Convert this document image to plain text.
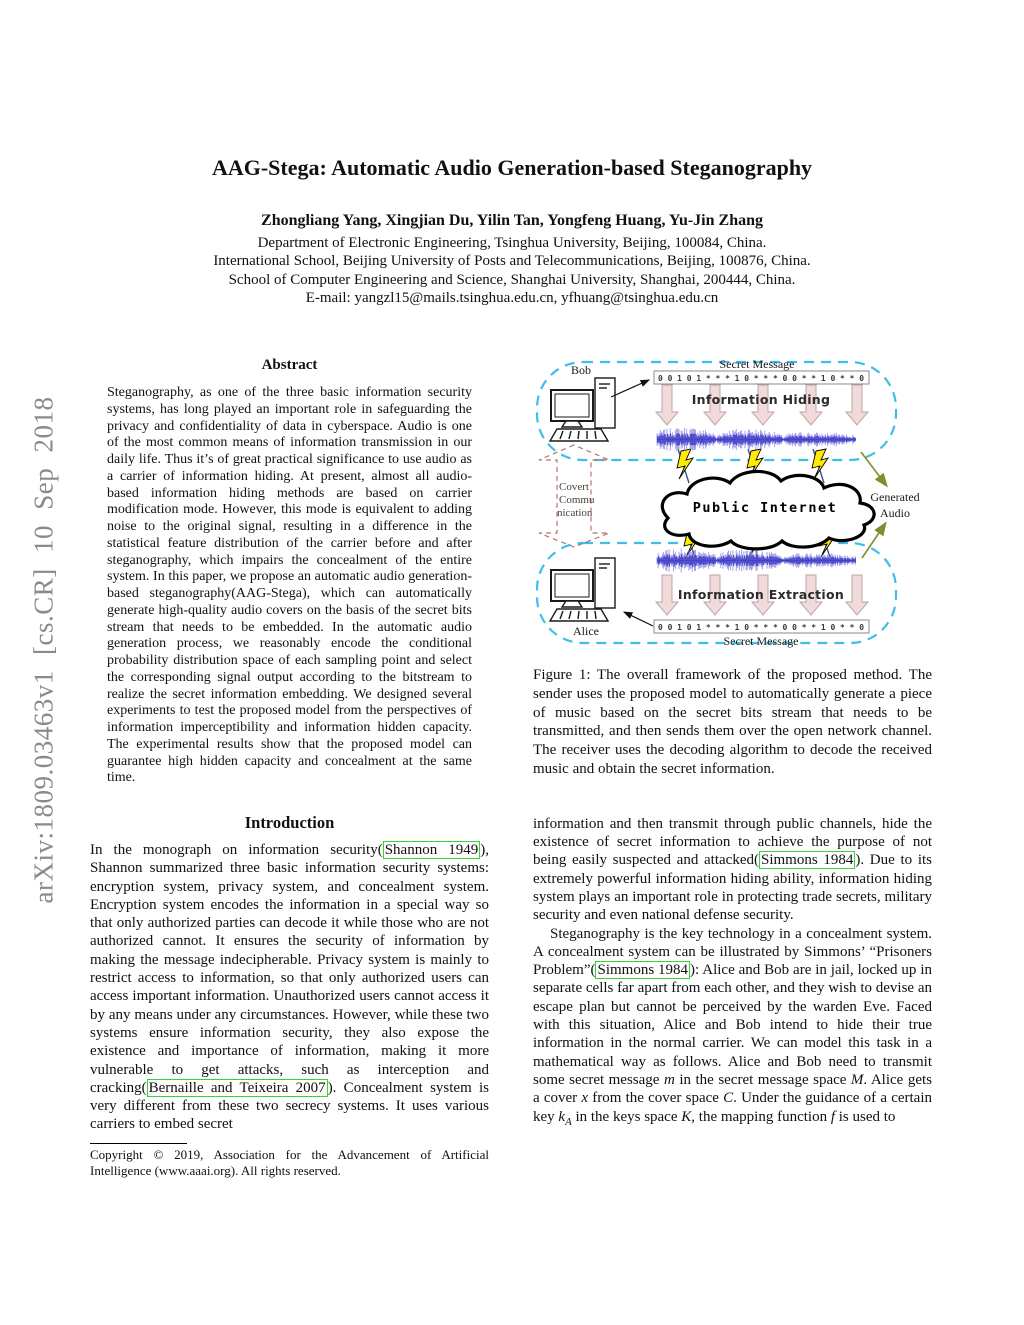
arXiv:1809.03463v1 [cs.CR] 10 Sep 2018
AAG-Stega: Automatic Audio Generation-based Steganography
Zhongliang Yang, Xingjian Du, Yilin Tan, Yongfeng Huang, Yu-Jin Zhang
Department of Electronic Engineering, Tsinghua University, Beijing, 100084, China.
International School, Beijing University of Posts and Telecommunications, Beijing, 100876, China.
School of Computer Engineering and Science, Shanghai University, Shanghai, 200444, China.
E-mail: yangzl15@mails.tsinghua.edu.cn, yfhuang@tsinghua.edu.cn
Abstract

Steganography, as one of the three basic information security systems, has long played an important role in safeguarding the privacy and confidentiality of data in cyberspace. Audio is one of the most common means of information transmission in our daily life. Thus it’s of great practical significance to use audio as a carrier of information hiding. At present, almost all audio-based information hiding methods are based on carrier modification mode. However, this mode is equivalent to adding noise to the original signal, resulting in a difference in the statistical feature distribution of the carrier before and after steganography, which impairs the concealment of the entire system. In this paper, we propose an automatic audio generation-based steganography(AAG-Stega), which can automatically generate high-quality audio covers on the basis of the secret bits stream that needs to be embedded. In the automatic audio generation process, we reasonably encode the conditional probability distribution space of each sampling point and select the corresponding signal output according to the bitstream to realize the secret information embedding. We designed several experiments to test the proposed model from the perspectives of information imperceptibility and information hidden capacity. The experimental results show that the proposed model can guarantee high hidden capacity and concealment at the same time.

Introduction

In the monograph on information security( Shannon 1949 ), Shannon summarized three basic information security systems: encryption system, privacy system, and concealment system. Encryption system encodes the information in a special way so that only authorized parties can decode it while those who are not authorized cannot. It ensures the security of information by making the message indecipherable. Privacy system is mainly to restrict access to information, so that only authorized users can access important information. Unauthorized users cannot access it by any means under any circumstances. However, while these two systems ensure information security, they also expose the existence and importance of information, making it more vulnerable to get attacks, such as interception and cracking( Bernaille and Teixeira 2007 ). Concealment system is very different from these two secrecy systems. It uses various carriers to embed secret

Copyright © 2019, Association for the Advancement of Artificial Intelligence (www.aaai.org). All rights reserved.

Covert
Commu
nication	Public Internet
Bob
0 0 1 0 1 * * * 1 0 * * * 0 0 * * 1 0 * * 0
Secret Message
Information Hiding
Information Extraction
0 0 1 0 1 * * * 1 0 * * * 0 0 * * 1 0 * * 0
Secret Message
Alice
Generated
Audio

Figure 1: The overall framework of the proposed method. The sender uses the proposed model to automatically generate a piece of music based on the secret bits stream that needs to be transmitted, and then sends them over the open network channel. The receiver uses the decoding algorithm to decode the received music and obtain the secret information.

information and then transmit through public channels, hide the existence of secret information to achieve the purpose of not being easily suspected and attacked( Simmons 1984 ). Due to its extremely powerful information hiding ability, information hiding system plays an important role in protecting trade secrets, military security and even national defense security.

Steganography is the key technology in a concealment system. A concealment system can be illustrated by Simmons’ “Prisoners Problem”( Simmons 1984 ): Alice and Bob are in jail, locked up in separate cells far apart from each other, and they wish to devise an escape plan but cannot be perceived by the warden Eve. Faced with this situation, Alice and Bob intend to hide their true information in the normal carrier. We can model this task in a mathematical way as follows. Alice and Bob need to transmit some secret message m in the secret message space M. Alice gets a cover x from the cover space C. Under the guidance of a certain key $k_A$ in the keys space K, the mapping function f is used to
